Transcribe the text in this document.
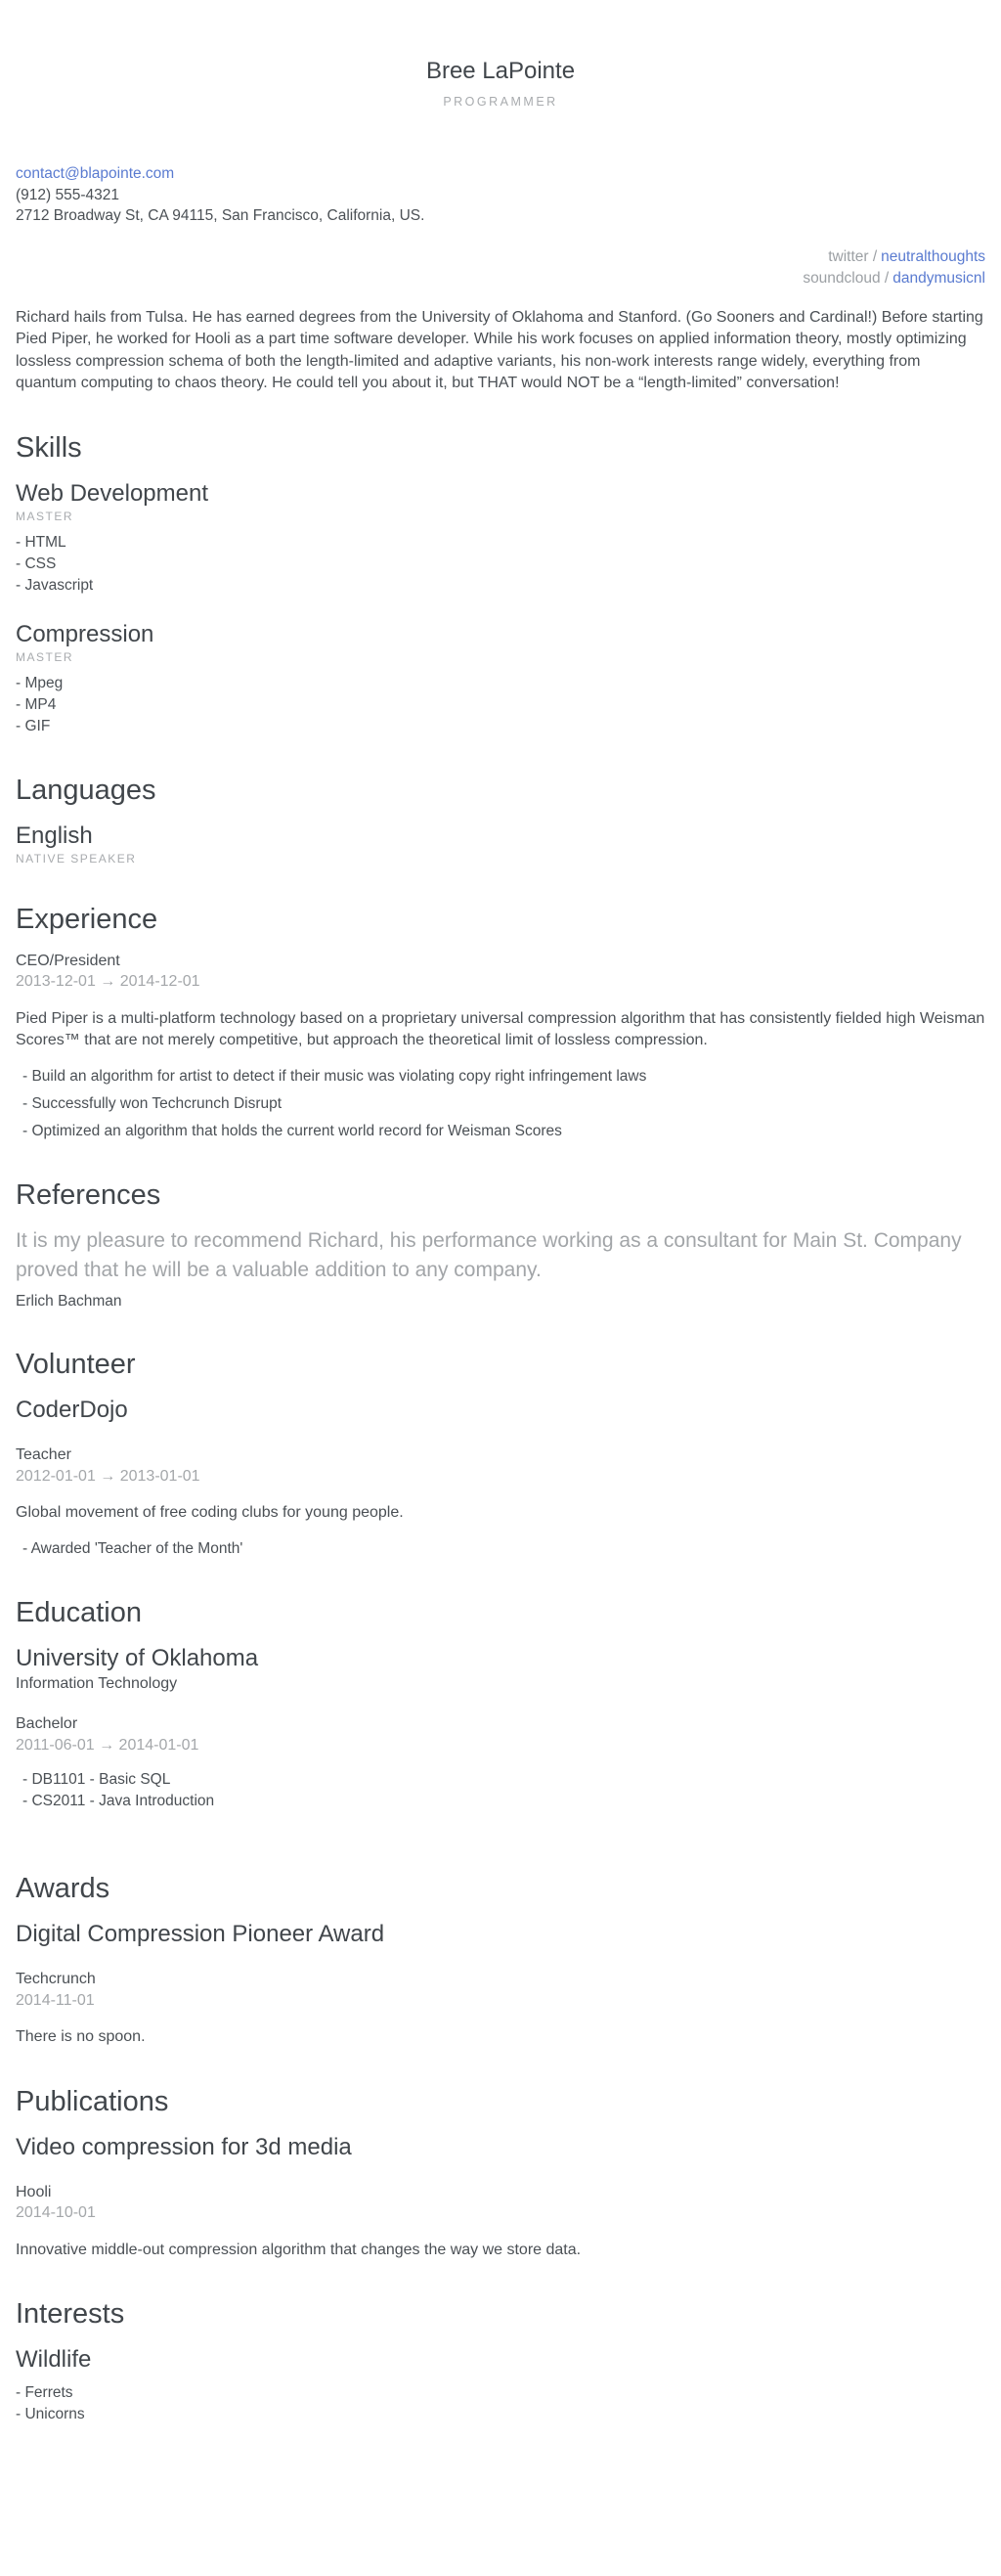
Bree LaPointe
PROGRAMMER
contact@blapointe.com
(912) 555-4321
2712 Broadway St, CA 94115, San Francisco, California, US.
twitter / neutralthoughts
soundcloud / dandymusicnl

Richard hails from Tulsa. He has earned degrees from the University of Oklahoma and Stanford. (Go Sooners and Cardinal!) Before starting Pied Piper, he worked for Hooli as a part time software developer. While his work focuses on applied information theory, mostly optimizing lossless compression schema of both the length-limited and adaptive variants, his non-work interests range widely, everything from quantum computing to chaos theory. He could tell you about it, but THAT would NOT be a “length-limited” conversation!

Skills
Web Development
MASTER
- HTML
- CSS
- Javascript
Compression
MASTER
- Mpeg
- MP4
- GIF
Languages
English
NATIVE SPEAKER
Experience
CEO/President
2013-12-01 → 2014-12-01

Pied Piper is a multi-platform technology based on a proprietary universal compression algorithm that has consistently fielded high Weisman Scores™ that are not merely competitive, but approach the theoretical limit of lossless compression.

- Build an algorithm for artist to detect if their music was violating copy right infringement laws
- Successfully won Techcrunch Disrupt
- Optimized an algorithm that holds the current world record for Weisman Scores
References

It is my pleasure to recommend Richard, his performance working as a consultant for Main St. Company proved that he will be a valuable addition to any company.

Erlich Bachman
Volunteer
CoderDojo
Teacher
2012-01-01 → 2013-01-01

Global movement of free coding clubs for young people.

- Awarded 'Teacher of the Month'
Education
University of Oklahoma
Information Technology
Bachelor
2011-06-01 → 2014-01-01
- DB1101 - Basic SQL
- CS2011 - Java Introduction
Awards
Digital Compression Pioneer Award
Techcrunch
2014-11-01

There is no spoon.

Publications
Video compression for 3d media
Hooli
2014-10-01

Innovative middle-out compression algorithm that changes the way we store data.

Interests
Wildlife
- Ferrets
- Unicorns
